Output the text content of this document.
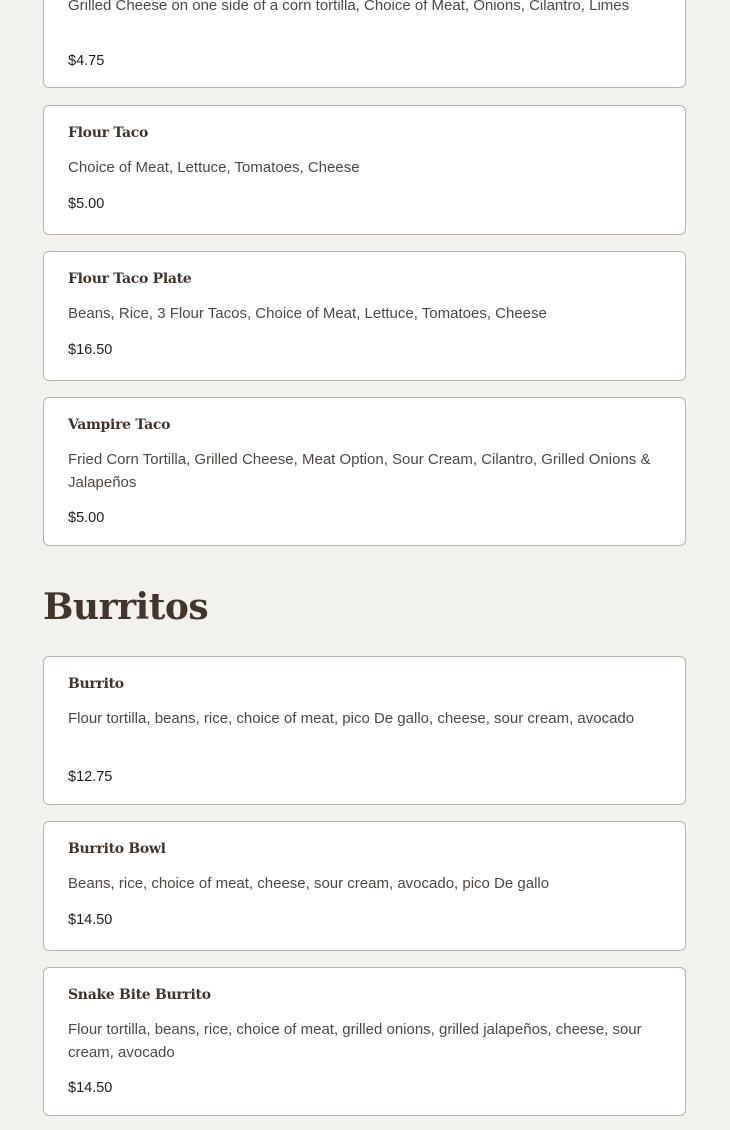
Grilled Cheese on one side of a corn tortilla, Choice of Meat, Onions, Cilantro, Limes

$4.75
Flour Taco

Choice of Meat, Lettuce, Tomatoes, Cheese

$5.00
Flour Taco Plate

Beans, Rice, 3 Flour Tacos, Choice of Meat, Lettuce, Tomatoes, Cheese

$16.50
Vampire Taco

Fried Corn Tortilla, Grilled Cheese, Meat Option, Sour Cream, Cilantro, Grilled Onions & Jalapeños

$5.00
Burritos
Burrito

Flour tortilla, beans, rice, choice of meat, pico De gallo, cheese, sour cream, avocado

$12.75
Burrito Bowl

Beans, rice, choice of meat, cheese, sour cream, avocado, pico De gallo

$14.50
Snake Bite Burrito

Flour tortilla, beans, rice, choice of meat, grilled onions, grilled jalapeños, cheese, sour cream, avocado

$14.50
